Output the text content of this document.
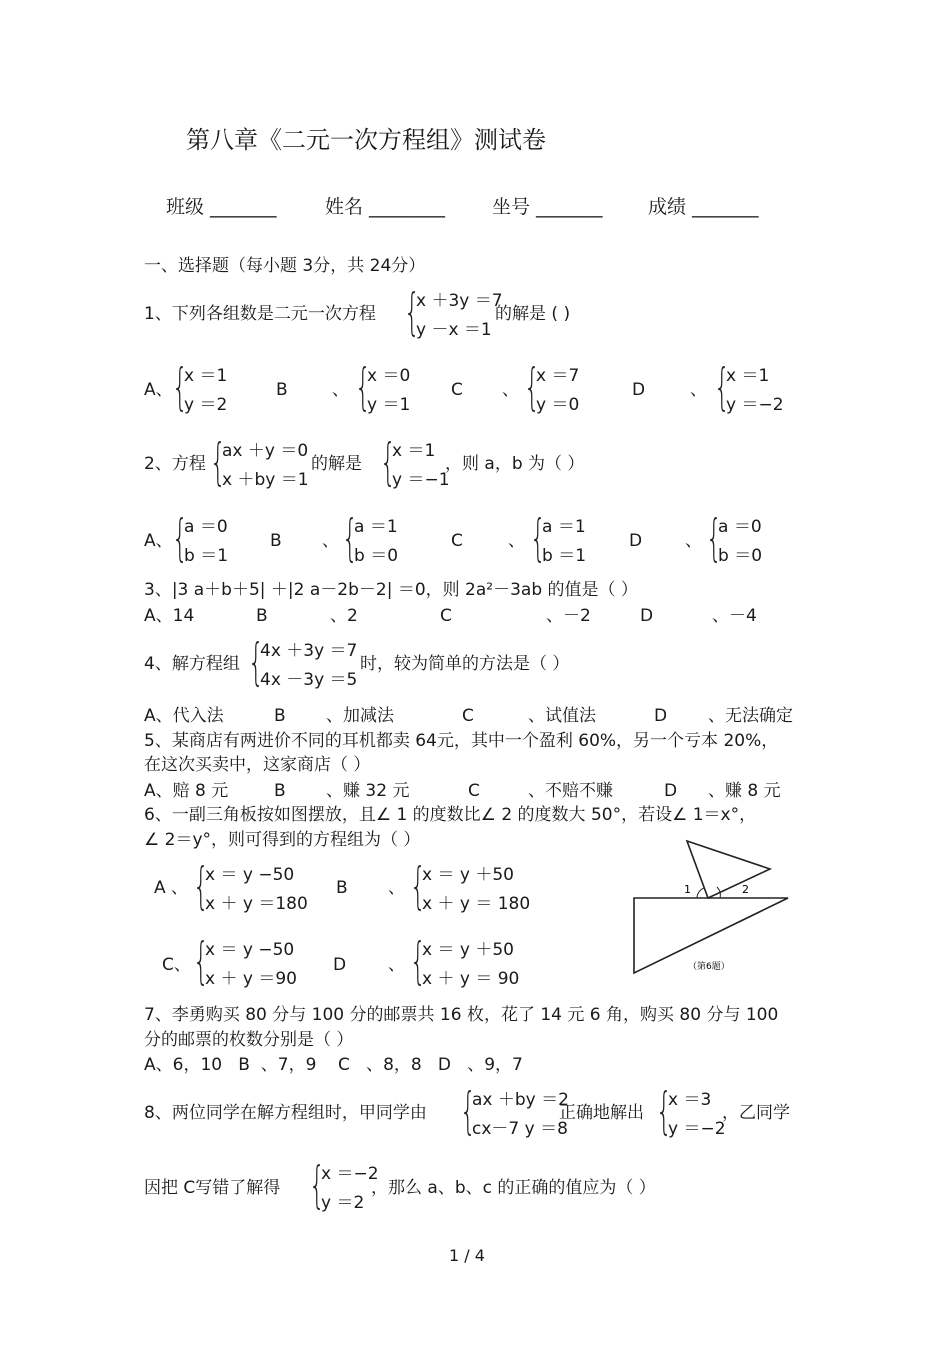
第八章《二元一次方程组》测试卷
班级 _______	姓名 ________ 坐号 _______ 成绩 _______
一、选择题（每小题 3分，共 24分）
1、下列各组数是二元一次方程 {
x ＋3y ＝7
y －x ＝1
的解是 ( )
A、 {
x ＝1
y ＝2
B	、 {
x ＝0
y ＝1
C 、 {
x ＝7
y ＝0
D	、 {
x ＝1
y ＝−2
2、方程 {
ax ＋y ＝0
x ＋by ＝1
的解是 {
x ＝1
y ＝−1
，则 a，b 为（ ）
A、 {
a ＝0
b ＝1
B 、 {
a ＝1
b ＝0
C	、 {
a ＝1
b ＝1
D	、 {
a ＝0
b ＝0
3、|3 a＋b＋5| ＋|2 a－2b－2| ＝0，则 2a²－3ab 的值是（ ）
A、14	B	、2	C	、－2	D	、－4
4、解方程组 {
4x ＋3y ＝7
4x －3y ＝5
时，较为简单的方法是（ ）
A、代入法	B 、加减法	C	、试值法	D 、无法确定
5、某商店有两进价不同的耳机都卖 64元，其中一个盈利 60%，另一个亏本 20%，
在这次买卖中，这家商店（ ）
A、赔 8 元	B 、赚 32 元	C	、不赔不赚	D 、赚 8 元
6、一副三角板按如图摆放，且∠ 1 的度数比∠ 2 的度数大 50°，若设∠ 1＝x°，
∠ 2＝y°，则可得到的方程组为（ ）
A 、 {
x ＝ y −50
x ＋ y ＝180
B 、 {
x ＝ y ＋50
x ＋ y ＝ 180
C、 {
x ＝ y −50
x ＋ y ＝90
D 、 {
x ＝ y ＋50
x ＋ y ＝ 90
1	2
（第6题）
7、李勇购买 80 分与 100 分的邮票共 16 枚，花了 14 元 6 角，购买 80 分与 100
分的邮票的枚数分别是（ ）
A、6，10   B  、7，9    C   、8，8   D   、9，7
8、两位同学在解方程组时，甲同学由 {
ax ＋by ＝2
cx－7 y ＝8
正确地解出 {
x ＝3
y ＝−2
，乙同学
因把 C写错了解得 {
x ＝−2
y ＝2
，那么 a、b、c 的正确的值应为（ ）
1 / 4
